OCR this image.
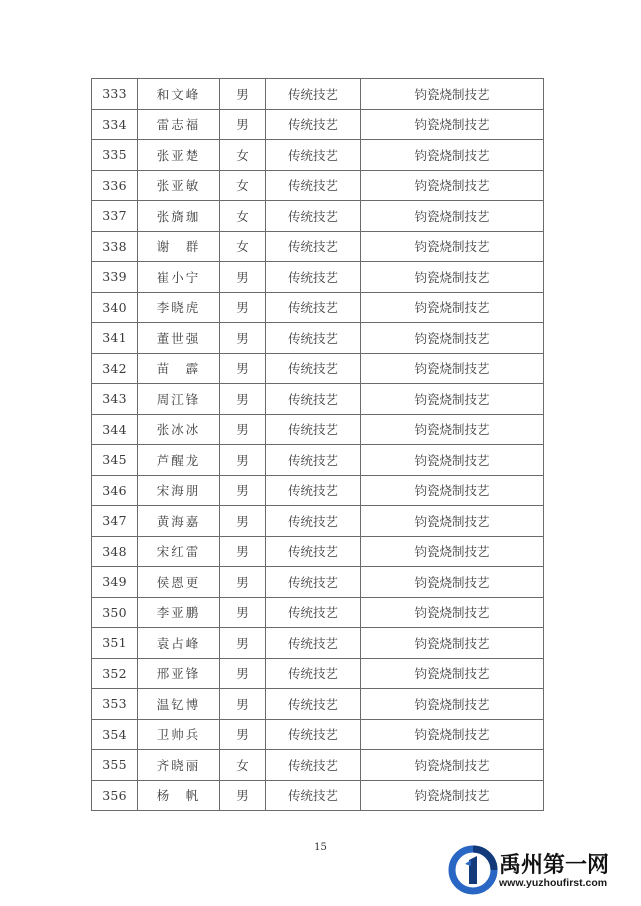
333	和文峰	男	传统技艺	钧瓷烧制技艺
334	雷志福	男	传统技艺	钧瓷烧制技艺
335	张亚楚	女	传统技艺	钧瓷烧制技艺
336	张亚敏	女	传统技艺	钧瓷烧制技艺
337	张旖珈	女	传统技艺	钧瓷烧制技艺
338	谢　群	女	传统技艺	钧瓷烧制技艺
339	崔小宁	男	传统技艺	钧瓷烧制技艺
340	李晓虎	男	传统技艺	钧瓷烧制技艺
341	董世强	男	传统技艺	钧瓷烧制技艺
342	苗　霹	男	传统技艺	钧瓷烧制技艺
343	周江锋	男	传统技艺	钧瓷烧制技艺
344	张冰冰	男	传统技艺	钧瓷烧制技艺
345	芦醒龙	男	传统技艺	钧瓷烧制技艺
346	宋海朋	男	传统技艺	钧瓷烧制技艺
347	黄海嘉	男	传统技艺	钧瓷烧制技艺
348	宋红雷	男	传统技艺	钧瓷烧制技艺
349	侯恩更	男	传统技艺	钧瓷烧制技艺
350	李亚鹏	男	传统技艺	钧瓷烧制技艺
351	袁占峰	男	传统技艺	钧瓷烧制技艺
352	邢亚锋	男	传统技艺	钧瓷烧制技艺
353	温钇博	男	传统技艺	钧瓷烧制技艺
354	卫帅兵	男	传统技艺	钧瓷烧制技艺
355	齐晓丽	女	传统技艺	钧瓷烧制技艺
356	杨　帆	男	传统技艺	钧瓷烧制技艺
15
禹州第一网
www.yuzhoufirst.com
